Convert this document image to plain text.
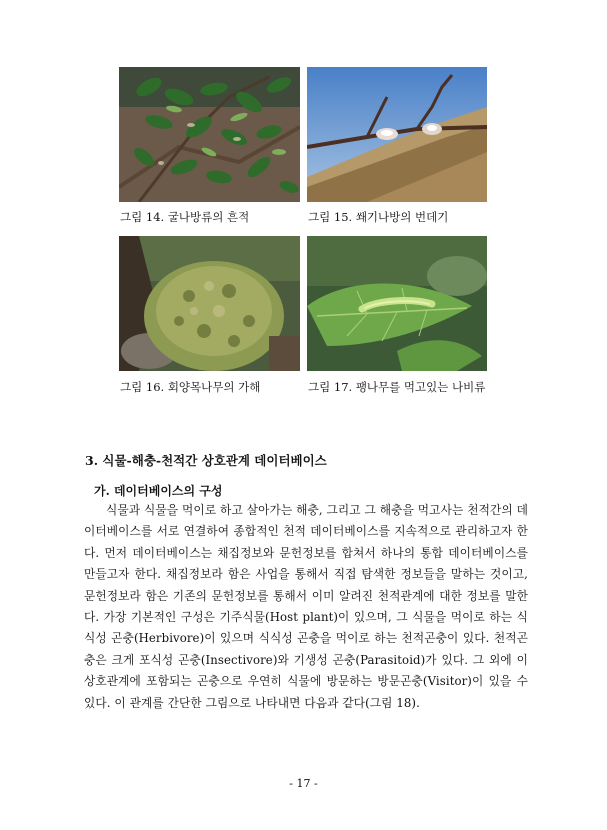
그림 14. 굴나방류의 흔적	그림 15. 쐐기나방의 번데기
그림 16. 회양목나무의 가해	그림 17. 팽나무를 먹고있는 나비류
3. 식물-해충-천적간 상호관계 데이터베이스
가. 데이터베이스의 구성
식물과 식물을 먹이로 하고 살아가는 해충, 그리고 그 해충을 먹고사는 천적간의 데이터베이스를 서로 연결하여 종합적인 천적 데이터베이스를 지속적으로 관리하고자 한다. 먼저 데이터베이스는 채집정보와 문헌정보를 합쳐서 하나의 통합 데이터베이스를 만들고자 한다. 채집정보라 함은 사업을 통해서 직접 탐색한 정보들을 말하는 것이고, 문헌정보라 함은 기존의 문헌정보를 통해서 이미 알려진 천적관계에 대한 정보를 말한다. 가장 기본적인 구성은 기주식물(Host plant)이 있으며, 그 식물을 먹이로 하는 식식성 곤충(Herbivore)이 있으며 식식성 곤충을 먹이로 하는 천적곤충이 있다. 천적곤충은 크게 포식성 곤충(Insectivore)와 기생성 곤충(Parasitoid)가 있다. 그 외에 이 상호관계에 포함되는 곤충으로 우연히 식물에 방문하는 방문곤충(Visitor)이 있을 수 있다. 이 관계를 간단한 그림으로 나타내면 다음과 같다(그림 18).
- 17 -
